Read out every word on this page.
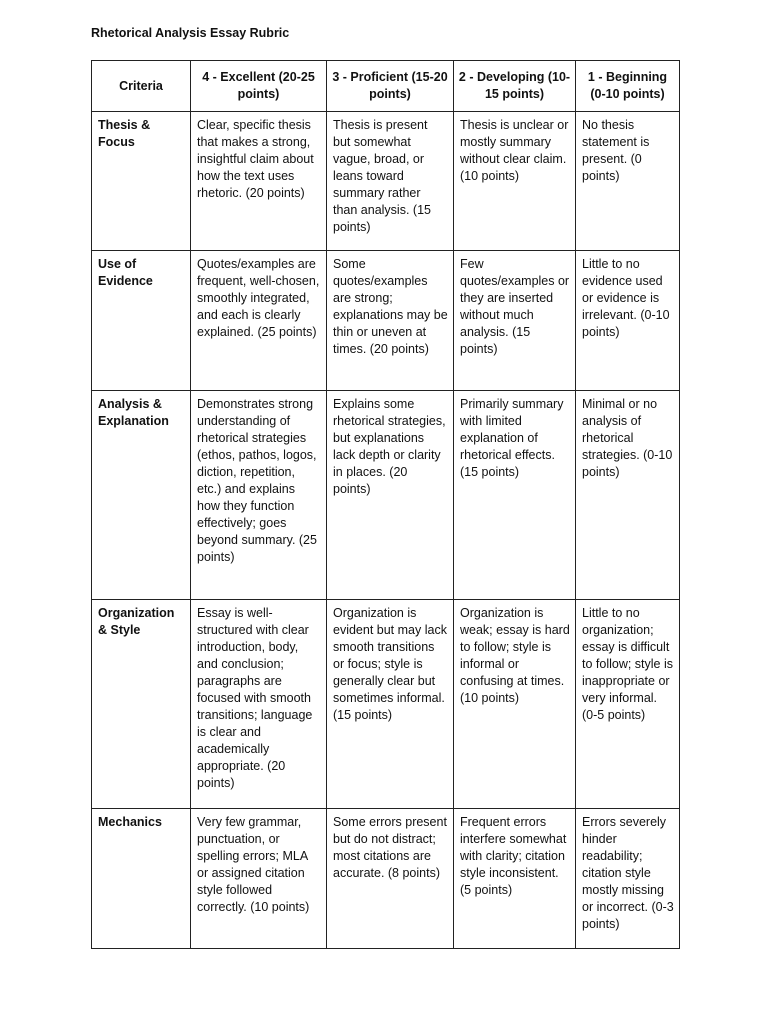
Rhetorical Analysis Essay Rubric
Criteria	4 - Excellent (20-25 points)	3 - Proficient (15-20 points)	2 - Developing (10-15 points)	1 - Beginning (0-10 points)
Thesis & Focus	Clear, specific thesis that makes a strong, insightful claim about how the text uses rhetoric. (20 points)	Thesis is present but somewhat vague, broad, or leans toward summary rather than analysis. (15 points)	Thesis is unclear or mostly summary without clear claim. (10 points)	No thesis statement is present. (0 points)
Use of Evidence	Quotes/examples are frequent, well-chosen, smoothly integrated, and each is clearly explained. (25 points)	Some quotes/examples are strong; explanations may be thin or uneven at times. (20 points)	Few quotes/examples or they are inserted without much analysis. (15 points)	Little to no evidence used or evidence is irrelevant. (0-10 points)
Analysis & Explanation	Demonstrates strong understanding of rhetorical strategies (ethos, pathos, logos, diction, repetition, etc.) and explains how they function effectively; goes beyond summary. (25 points)	Explains some rhetorical strategies, but explanations lack depth or clarity in places. (20 points)	Primarily summary with limited explanation of rhetorical effects. (15 points)	Minimal or no analysis of rhetorical strategies. (0-10 points)
Organization & Style	Essay is well-structured with clear introduction, body, and conclusion; paragraphs are focused with smooth transitions; language is clear and academically appropriate. (20 points)	Organization is evident but may lack smooth transitions or focus; style is generally clear but sometimes informal. (15 points)	Organization is weak; essay is hard to follow; style is informal or confusing at times. (10 points)	Little to no organization; essay is difficult to follow; style is inappropriate or very informal. (0-5 points)
Mechanics	Very few grammar, punctuation, or spelling errors; MLA or assigned citation style followed correctly. (10 points)	Some errors present but do not distract; most citations are accurate. (8 points)	Frequent errors interfere somewhat with clarity; citation style inconsistent. (5 points)	Errors severely hinder readability; citation style mostly missing or incorrect. (0-3 points)
